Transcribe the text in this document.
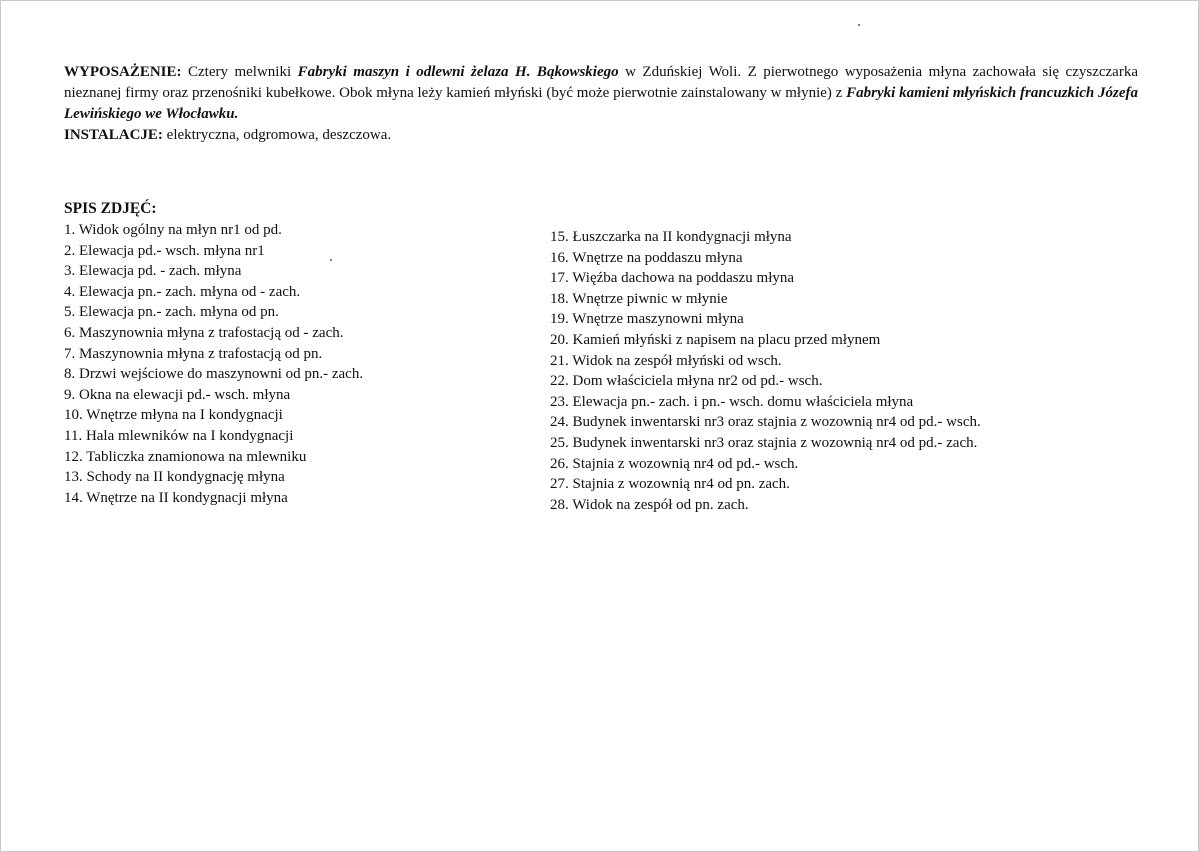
WYPOSAŻENIE: Cztery melwniki Fabryki maszyn i odlewni żelaza H. Bąkowskiego w Zduńskiej Woli. Z pierwotnego wyposażenia młyna zachowała się czyszczarka nieznanej firmy oraz przenośniki kubełkowe. Obok młyna leży kamień młyński (być może pierwotnie zainstalowany w młynie) z Fabryki kamieni młyńskich francuzkich Józefa Lewińskiego we Włocławku.

INSTALACJE: elektryczna, odgromowa, deszczowa.

SPIS ZDJĘĆ:
1. Widok ogólny na młyn nr1 od pd.
2. Elewacja pd.- wsch. młyna nr1
3. Elewacja pd. - zach. młyna
4. Elewacja pn.- zach. młyna od - zach.
5. Elewacja pn.- zach. młyna od pn.
6. Maszynownia młyna z trafostacją od - zach.
7. Maszynownia młyna z trafostacją od pn.
8. Drzwi wejściowe do maszynowni od pn.- zach.
9. Okna na elewacji pd.- wsch. młyna
10. Wnętrze młyna na I kondygnacji
11. Hala mlewników na I kondygnacji
12. Tabliczka znamionowa na mlewniku
13. Schody na II kondygnację młyna
14. Wnętrze na II kondygnacji młyna
15. Łuszczarka na II kondygnacji młyna
16. Wnętrze na poddaszu młyna
17. Więźba dachowa na poddaszu młyna
18. Wnętrze piwnic w młynie
19. Wnętrze maszynowni młyna
20. Kamień młyński z napisem na placu przed młynem
21. Widok na zespół młyński od wsch.
22. Dom właściciela młyna nr2 od pd.- wsch.
23. Elewacja pn.- zach. i pn.- wsch. domu właściciela młyna
24. Budynek inwentarski nr3 oraz stajnia z wozownią nr4 od pd.- wsch.
25. Budynek inwentarski nr3 oraz stajnia z wozownią nr4 od pd.- zach.
26. Stajnia z wozownią nr4 od pd.- wsch.
27. Stajnia z wozownią nr4 od pn. zach.
28. Widok na zespół od pn. zach.
